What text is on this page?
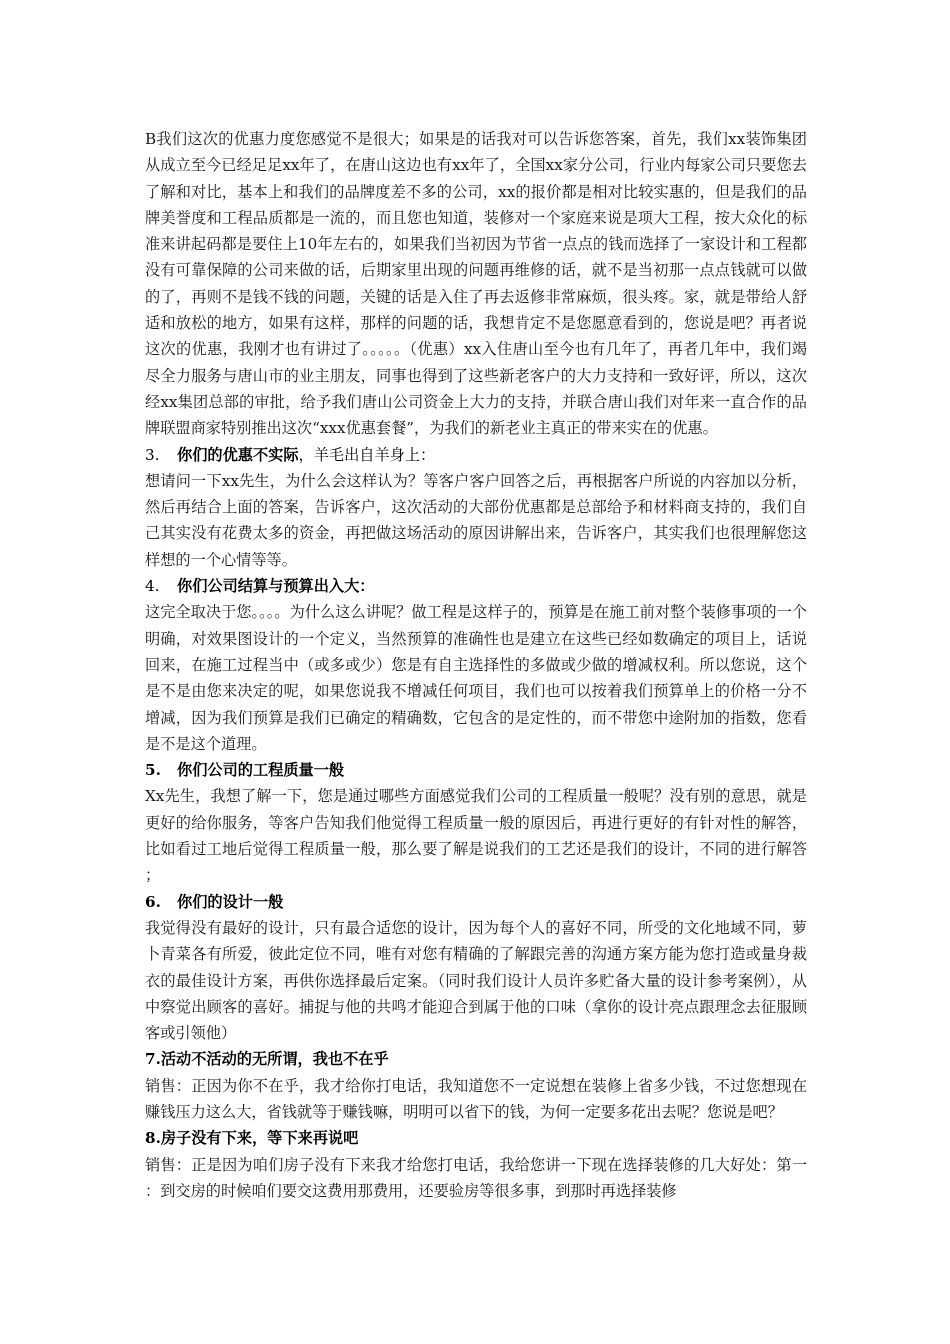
B我们这次的优惠力度您感觉不是很大；如果是的话我对可以告诉您答案，首先，我们xx装饰集团从成立至今已经足足xx年了，在唐山这边也有xx年了，全国xx家分公司，行业内每家公司只要您去了解和对比，基本上和我们的品牌度差不多的公司，xx的报价都是相对比较实惠的，但是我们的品牌美誉度和工程品质都是一流的，而且您也知道，装修对一个家庭来说是项大工程，按大众化的标准来讲起码都是要住上10年左右的，如果我们当初因为节省一点点的钱而选择了一家设计和工程都没有可靠保障的公司来做的话，后期家里出现的问题再维修的话，就不是当初那一点点钱就可以做的了，再则不是钱不钱的问题，关键的话是入住了再去返修非常麻烦，很头疼。家，就是带给人舒适和放松的地方，如果有这样，那样的问题的话，我想肯定不是您愿意看到的，您说是吧？再者说这次的优惠，我刚才也有讲过了。。。。。（优惠）xx入住唐山至今也有几年了，再者几年中，我们竭尽全力服务与唐山市的业主朋友，同事也得到了这些新老客户的大力支持和一致好评，所以，这次经xx集团总部的审批，给予我们唐山公司资金上大力的支持，并联合唐山我们对年来一直合作的品牌联盟商家特别推出这次“xxx优惠套餐”，为我们的新老业主真正的带来实在的优惠。

3. 你们的优惠不实际，羊毛出自羊身上：

想请问一下xx先生，为什么会这样认为？等客户客户回答之后，再根据客户所说的内容加以分析，然后再结合上面的答案，告诉客户，这次活动的大部份优惠都是总部给予和材料商支持的，我们自己其实没有花费太多的资金，再把做这场活动的原因讲解出来，告诉客户，其实我们也很理解您这样想的一个心情等等。

4. 你们公司结算与预算出入大：

这完全取决于您。。。。为什么这么讲呢？做工程是这样子的，预算是在施工前对整个装修事项的一个明确，对效果图设计的一个定义，当然预算的准确性也是建立在这些已经如数确定的项目上，话说回来，在施工过程当中（或多或少）您是有自主选择性的多做或少做的增减权利。所以您说，这个是不是由您来决定的呢，如果您说我不增减任何项目，我们也可以按着我们预算单上的价格一分不增减，因为我们预算是我们已确定的精确数，它包含的是定性的，而不带您中途附加的指数，您看是不是这个道理。

5. 你们公司的工程质量一般

Xx先生，我想了解一下，您是通过哪些方面感觉我们公司的工程质量一般呢？没有别的意思，就是更好的给你服务，等客户告知我们他觉得工程质量一般的原因后，再进行更好的有针对性的解答，比如看过工地后觉得工程质量一般，那么要了解是说我们的工艺还是我们的设计，不同的进行解答；

6. 你们的设计一般

我觉得没有最好的设计，只有最合适您的设计，因为每个人的喜好不同，所受的文化地域不同，萝卜青菜各有所爱，彼此定位不同，唯有对您有精确的了解跟完善的沟通方案方能为您打造或量身裁衣的最佳设计方案，再供你选择最后定案。（同时我们设计人员许多贮备大量的设计参考案例），从中察觉出顾客的喜好。捕捉与他的共鸣才能迎合到属于他的口味（拿你的设计亮点跟理念去征服顾客或引领他）

7.活动不活动的无所谓，我也不在乎

销售：正因为你不在乎，我才给你打电话，我知道您不一定说想在装修上省多少钱，不过您想现在赚钱压力这么大，省钱就等于赚钱嘛，明明可以省下的钱，为何一定要多花出去呢？您说是吧？

8.房子没有下来，等下来再说吧

销售：正是因为咱们房子没有下来我才给您打电话，我给您讲一下现在选择装修的几大好处：第一：到交房的时候咱们要交这费用那费用，还要验房等很多事，到那时再选择装修
